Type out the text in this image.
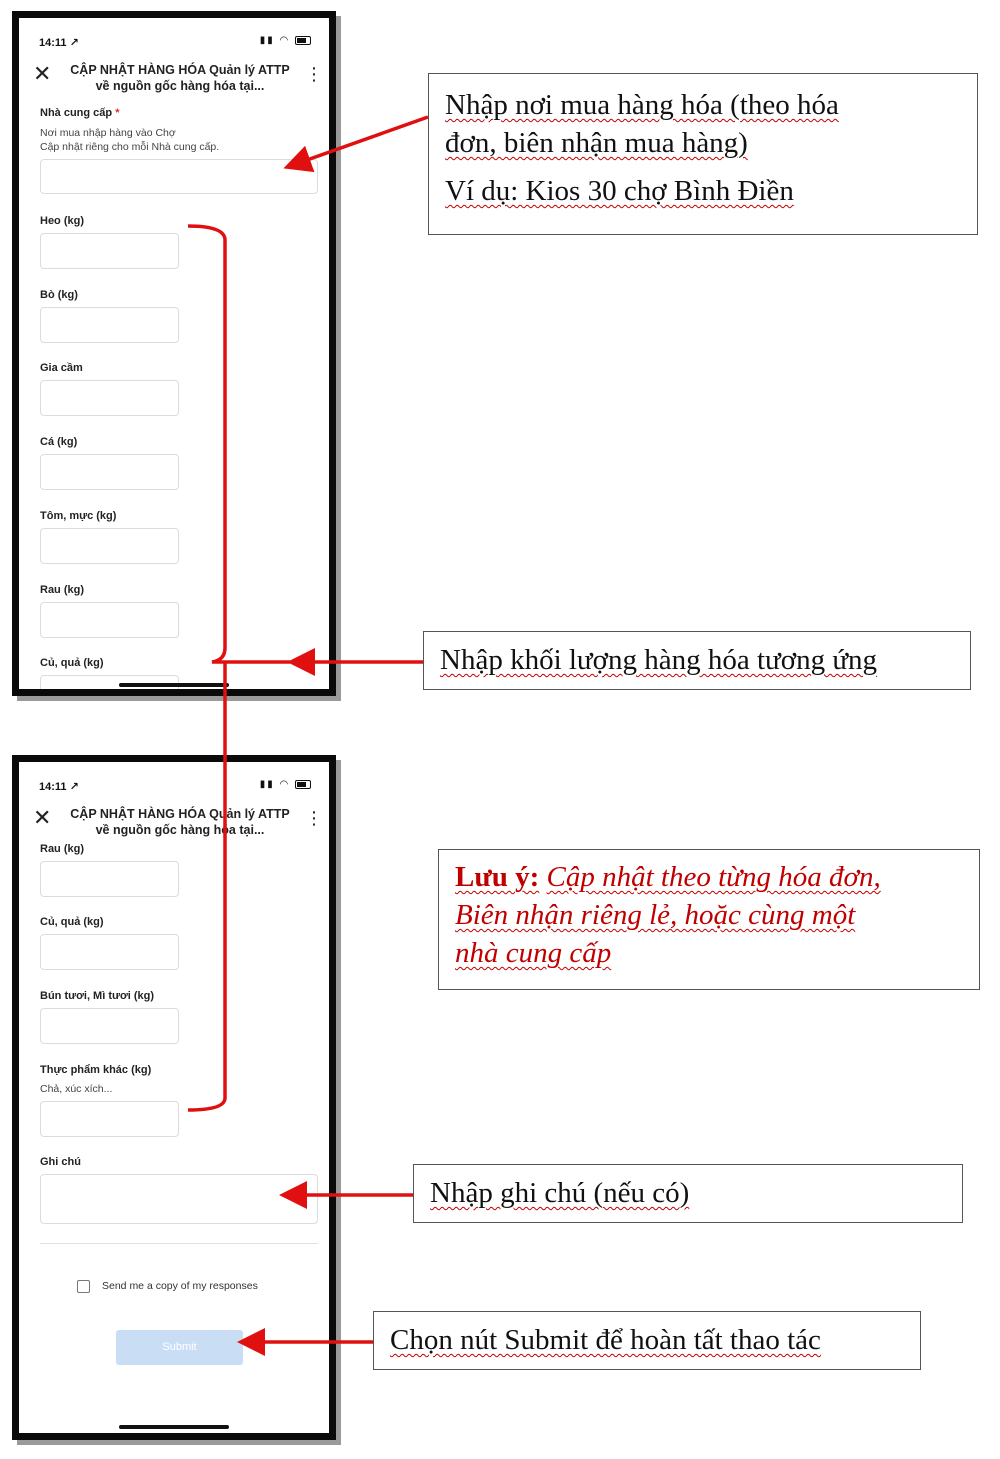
14:11 ↗	▮▮ ◠
✕	CẬP NHẬT HÀNG HÓA Quản lý ATTP về nguồn gốc hàng hóa tại...
⋮
Nhà cung cấp *
Nơi mua nhập hàng vào Chợ
Cập nhật riêng cho mỗi Nhà cung cấp.
Heo (kg)
Bò (kg)
Gia cầm
Cá (kg)
Tôm, mực (kg)
Rau (kg)
Củ, quả (kg)
14:11 ↗	▮▮ ◠
✕	CẬP NHẬT HÀNG HÓA Quản lý ATTP về nguồn gốc hàng hóa tại...
⋮
Rau (kg)
Củ, quả (kg)
Bún tươi, Mì tươi (kg)
Thực phẩm khác (kg)
Chả, xúc xích...
Ghi chú
Send me a copy of my responses
Submit
Nhập nơi mua hàng hóa (theo hóa
đơn, biên nhận mua hàng)
Ví dụ: Kios 30 chợ Bình Điền
Nhập khối lượng hàng hóa tương ứng
Lưu ý: Cập nhật theo từng hóa đơn,
Biên nhận riêng lẻ, hoặc cùng một
nhà cung cấp
Nhập ghi chú (nếu có)
Chọn nút Submit để hoàn tất thao tác
